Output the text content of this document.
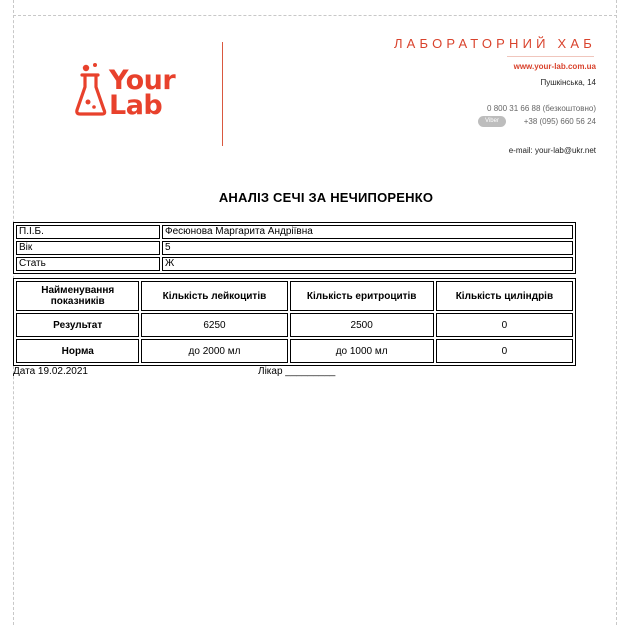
Your
Lab
ЛАБОРАТОРНИЙ ХАБ
www.your-lab.com.ua
Пушкінська, 14
0 800 31 66 88 (безкоштовно)
Viber	+38 (095) 660 56 24
e-mail: your-lab@ukr.net
АНАЛІЗ СЕЧІ ЗА НЕЧИПОРЕНКО
П.І.Б.	Фесюнова Маргарита Андріївна
Вік	5
Стать	Ж
Найменування показників	Кількість лейкоцитів	Кількість еритроцитів	Кількість циліндрів
Результат	6250	2500	0
Норма	до 2000 мл	до 1000 мл	0
Дата 19.02.2021	Лікар _________
